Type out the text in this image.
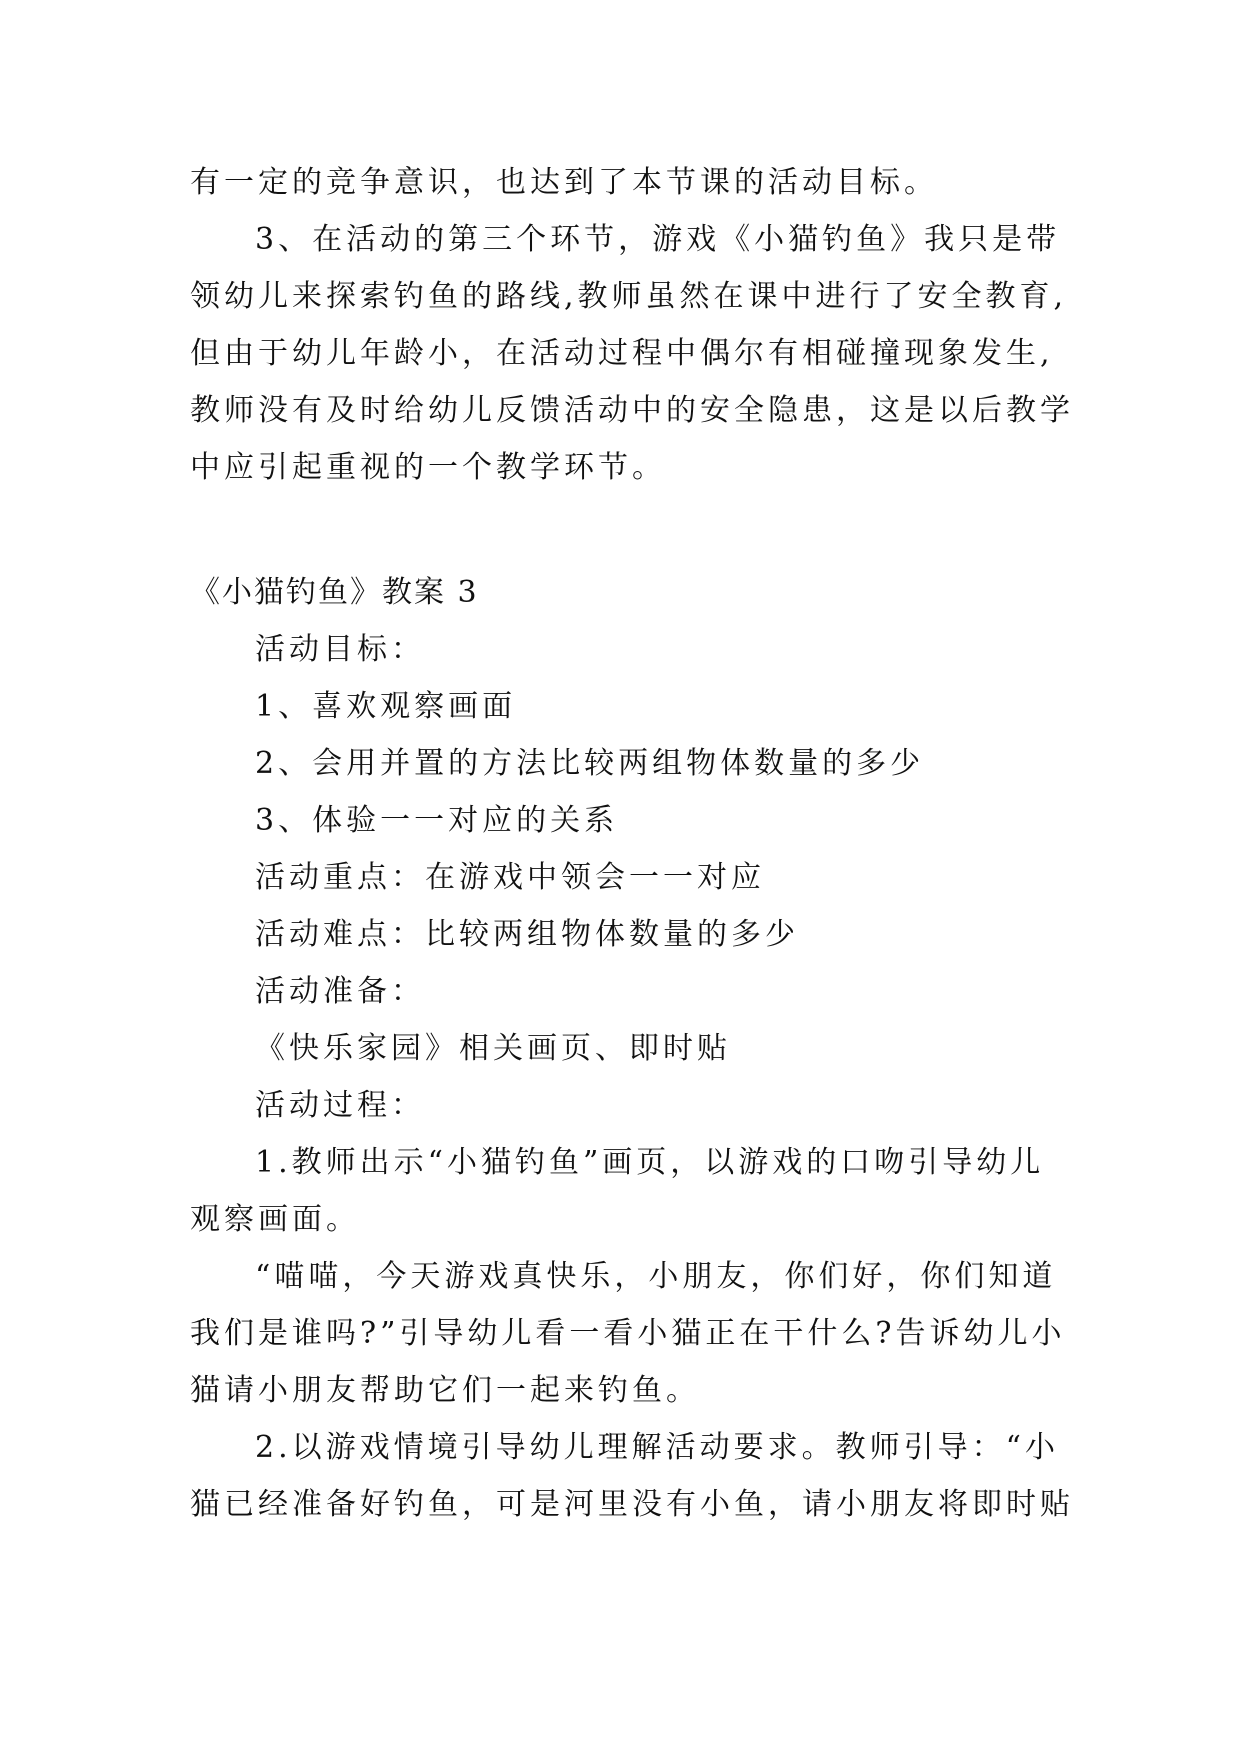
有一定的竞争意识，也达到了本节课的活动目标。
3、在活动的第三个环节，游戏《小猫钓鱼》我只是带
领幼儿来探索钓鱼的路线,教师虽然在课中进行了安全教育,
但由于幼儿年龄小，在活动过程中偶尔有相碰撞现象发生,
教师没有及时给幼儿反馈活动中的安全隐患，这是以后教学
中应引起重视的一个教学环节。
《小猫钓鱼》教案 3
活动目标：
1、喜欢观察画面
2、会用并置的方法比较两组物体数量的多少
3、体验一一对应的关系
活动重点：在游戏中领会一一对应
活动难点：比较两组物体数量的多少
活动准备：
《快乐家园》相关画页、即时贴
活动过程：
1.教师出示“小猫钓鱼”画页，以游戏的口吻引导幼儿
观察画面。
“喵喵，今天游戏真快乐，小朋友，你们好，你们知道
我们是谁吗?”引导幼儿看一看小猫正在干什么?告诉幼儿小
猫请小朋友帮助它们一起来钓鱼。
2.以游戏情境引导幼儿理解活动要求。教师引导：“小
猫已经准备好钓鱼，可是河里没有小鱼，请小朋友将即时贴
